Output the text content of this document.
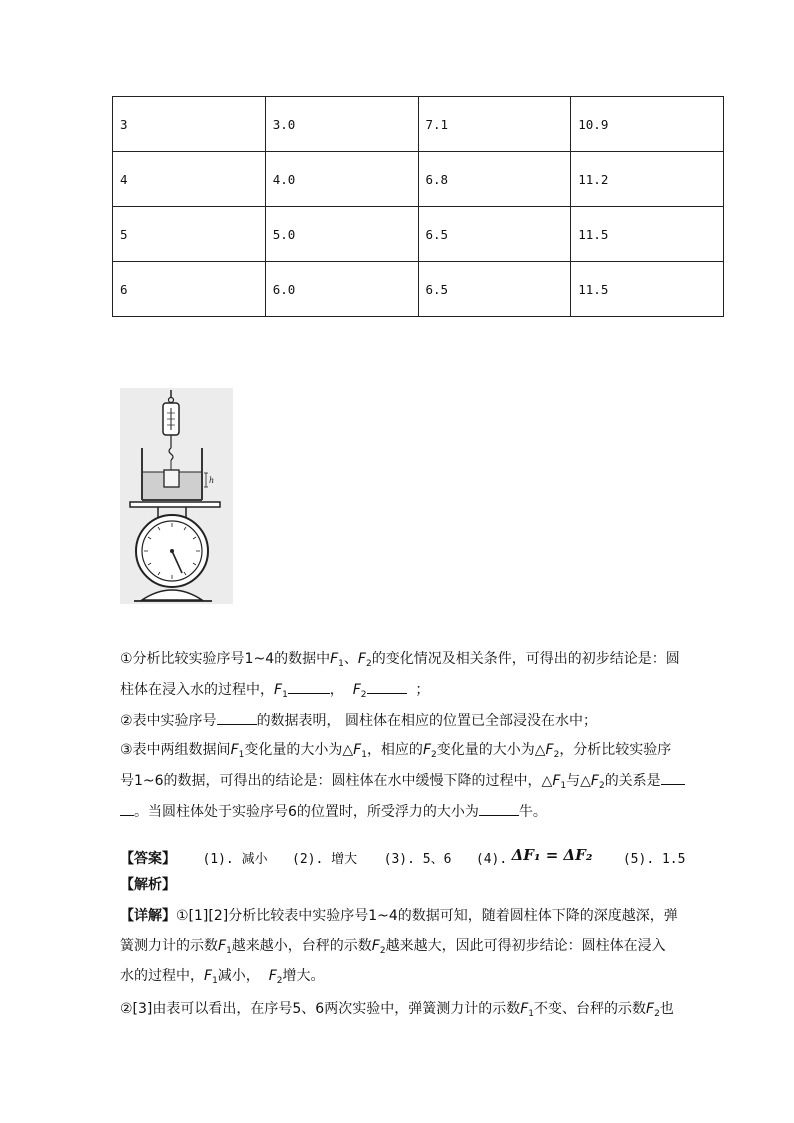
3	3.0	7.1	10.9
4	4.0	6.8	11.2
5	5.0	6.5	11.5
6	6.0	6.5	11.5
h
①分析比较实验序号1~4的数据中$F_1$、$F_2$的变化情况及相关条件，可得出的初步结论是：圆
柱体在浸入水的过程中，$F_1$	， $F_2$	；
②表中实验序号	的数据表明， 圆柱体在相应的位置已全部浸没在水中；
③表中两组数据间$F_1$变化量的大小为$\triangle F_1$，相应的$F_2$变化量的大小为$\triangle F_2$，分析比较实验序
号1~6的数据，可得出的结论是：圆柱体在水中缓慢下降的过程中，$\triangle F_1$与$\triangle F_2$的关系是
。当圆柱体处于实验序号6的位置时，所受浮力的大小为	牛。
【答案】 (1). 减小 (2). 增大 (3). 5、6 (4). ΔF₁ = ΔF₂ (5). 1.5
【解析】
【详解】①[1][2]分析比较表中实验序号1~4的数据可知，随着圆柱体下降的深度越深，弹
簧测力计的示数$F_1$越来越小，台秤的示数$F_2$越来越大，因此可得初步结论：圆柱体在浸入
水的过程中，$F_1$减小， $F_2$增大。
②[3]由表可以看出，在序号5、6两次实验中，弹簧测力计的示数$F_1$不变、台秤的示数$F_2$也
